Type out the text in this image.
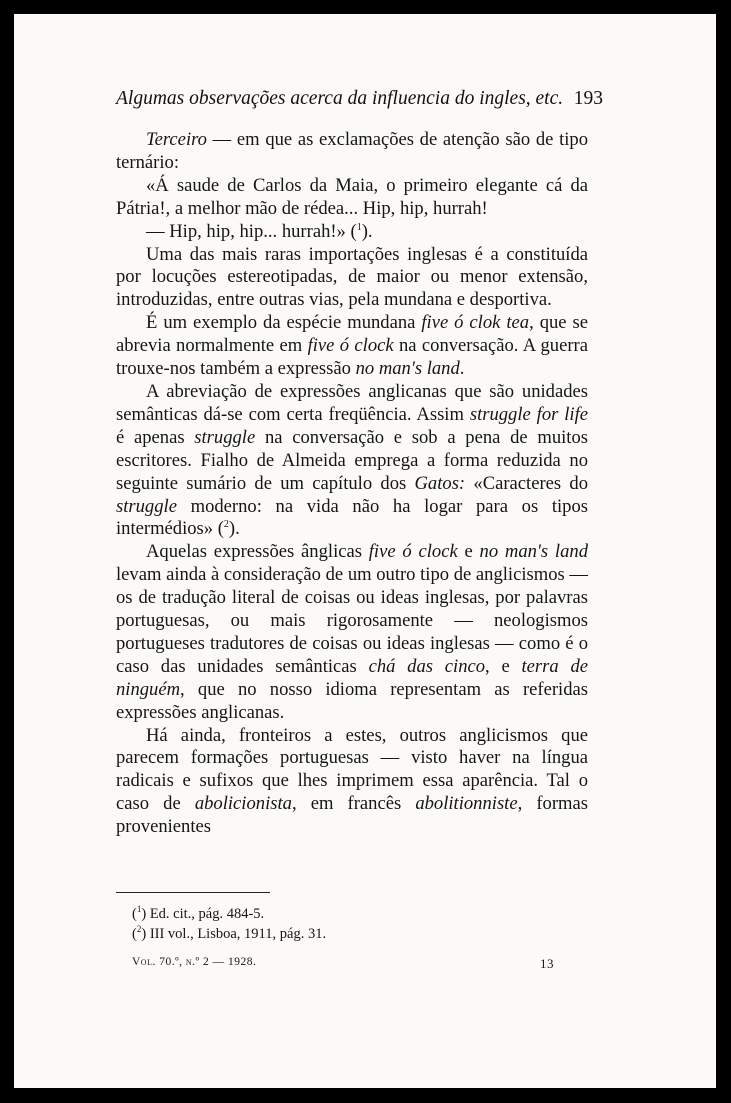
Algumas observações acerca da influencia do ingles, etc. 193

Terceiro — em que as exclamações de atenção são de tipo ternário:

«Á saude de Carlos da Maia, o primeiro elegante cá da Pátria!, a melhor mão de rédea... Hip, hip, hurrah!

— Hip, hip, hip... hurrah!» ($^1$).

Uma das mais raras importações inglesas é a constituída por locuções estereotipadas, de maior ou menor extensão, introduzidas, entre outras vias, pela mundana e desportiva.

É um exemplo da espécie mundana five ó clok tea, que se abrevia normalmente em five ó clock na conversação. A guerra trouxe-nos também a expressão no man's land.

A abreviação de expressões anglicanas que são unidades semânticas dá-se com certa freqüência. Assim struggle for life é apenas struggle na conversação e sob a pena de muitos escritores. Fialho de Almeida emprega a forma reduzida no seguinte sumário de um capítulo dos Gatos: «Caracteres do struggle moderno: na vida não ha logar para os tipos intermédios» ($^2$).

Aquelas expressões ânglicas five ó clock e no man's land levam ainda à consideração de um outro tipo de anglicismos — os de tradução literal de coisas ou ideas inglesas, por palavras portuguesas, ou mais rigorosamente — neologismos portugueses tradutores de coisas ou ideas inglesas — como é o caso das unidades semânticas chá das cinco, e terra de ninguém, que no nosso idioma representam as referidas expressões anglicanas.

Há ainda, fronteiros a estes, outros anglicismos que parecem formações portuguesas — visto haver na língua radicais e sufixos que lhes imprimem essa aparência. Tal o caso de abolicionista, em francês abolitionniste, formas provenientes

($^1$) Ed. cit., pág. 484-5.
($^2$) III vol., Lisboa, 1911, pág. 31.
Vol. 70.º, n.º 2 — 1928.	13
